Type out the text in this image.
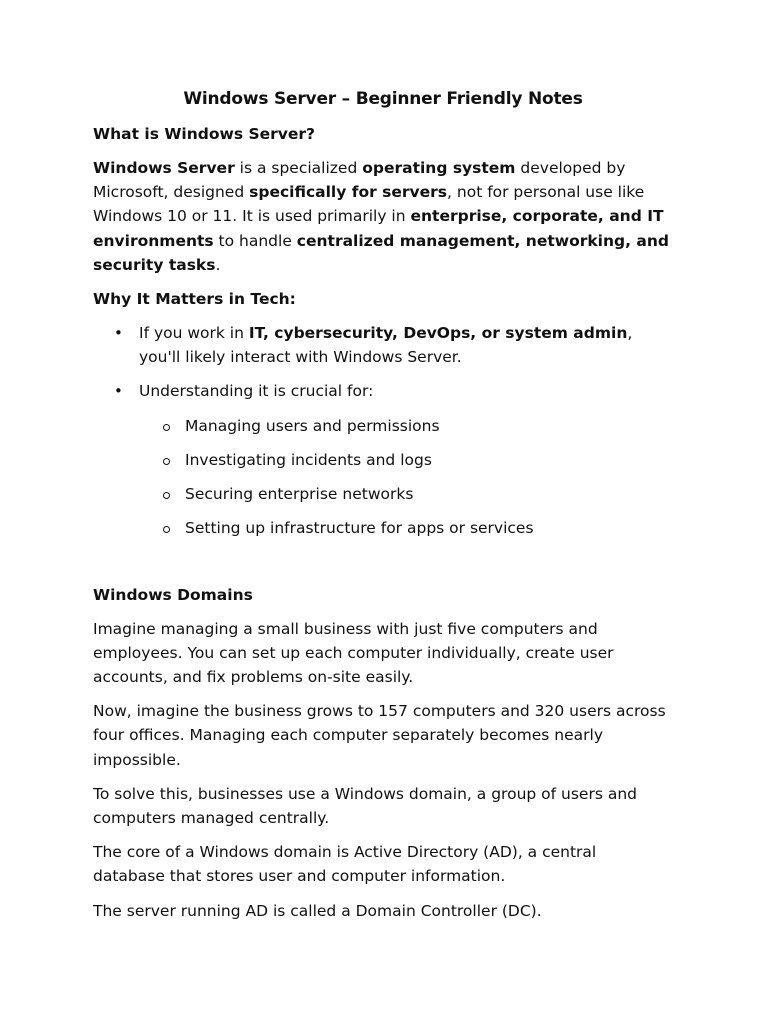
Windows Server – Beginner Friendly Notes
What is Windows Server?

Windows Server is a specialized operating system developed by Microsoft, designed specifically for servers, not for personal use like Windows 10 or 11. It is used primarily in enterprise, corporate, and IT environments to handle centralized management, networking, and security tasks.

Why It Matters in Tech:
• If you work in IT, cybersecurity, DevOps, or system admin, you'll likely interact with Windows Server.
• Understanding it is crucial for:
Managing users and permissions
Investigating incidents and logs
Securing enterprise networks
Setting up infrastructure for apps or services
Windows Domains

Imagine managing a small business with just five computers and employees. You can set up each computer individually, create user accounts, and fix problems on-site easily.

Now, imagine the business grows to 157 computers and 320 users across four offices. Managing each computer separately becomes nearly impossible.

To solve this, businesses use a Windows domain, a group of users and computers managed centrally.

The core of a Windows domain is Active Directory (AD), a central database that stores user and computer information.

The server running AD is called a Domain Controller (DC).
